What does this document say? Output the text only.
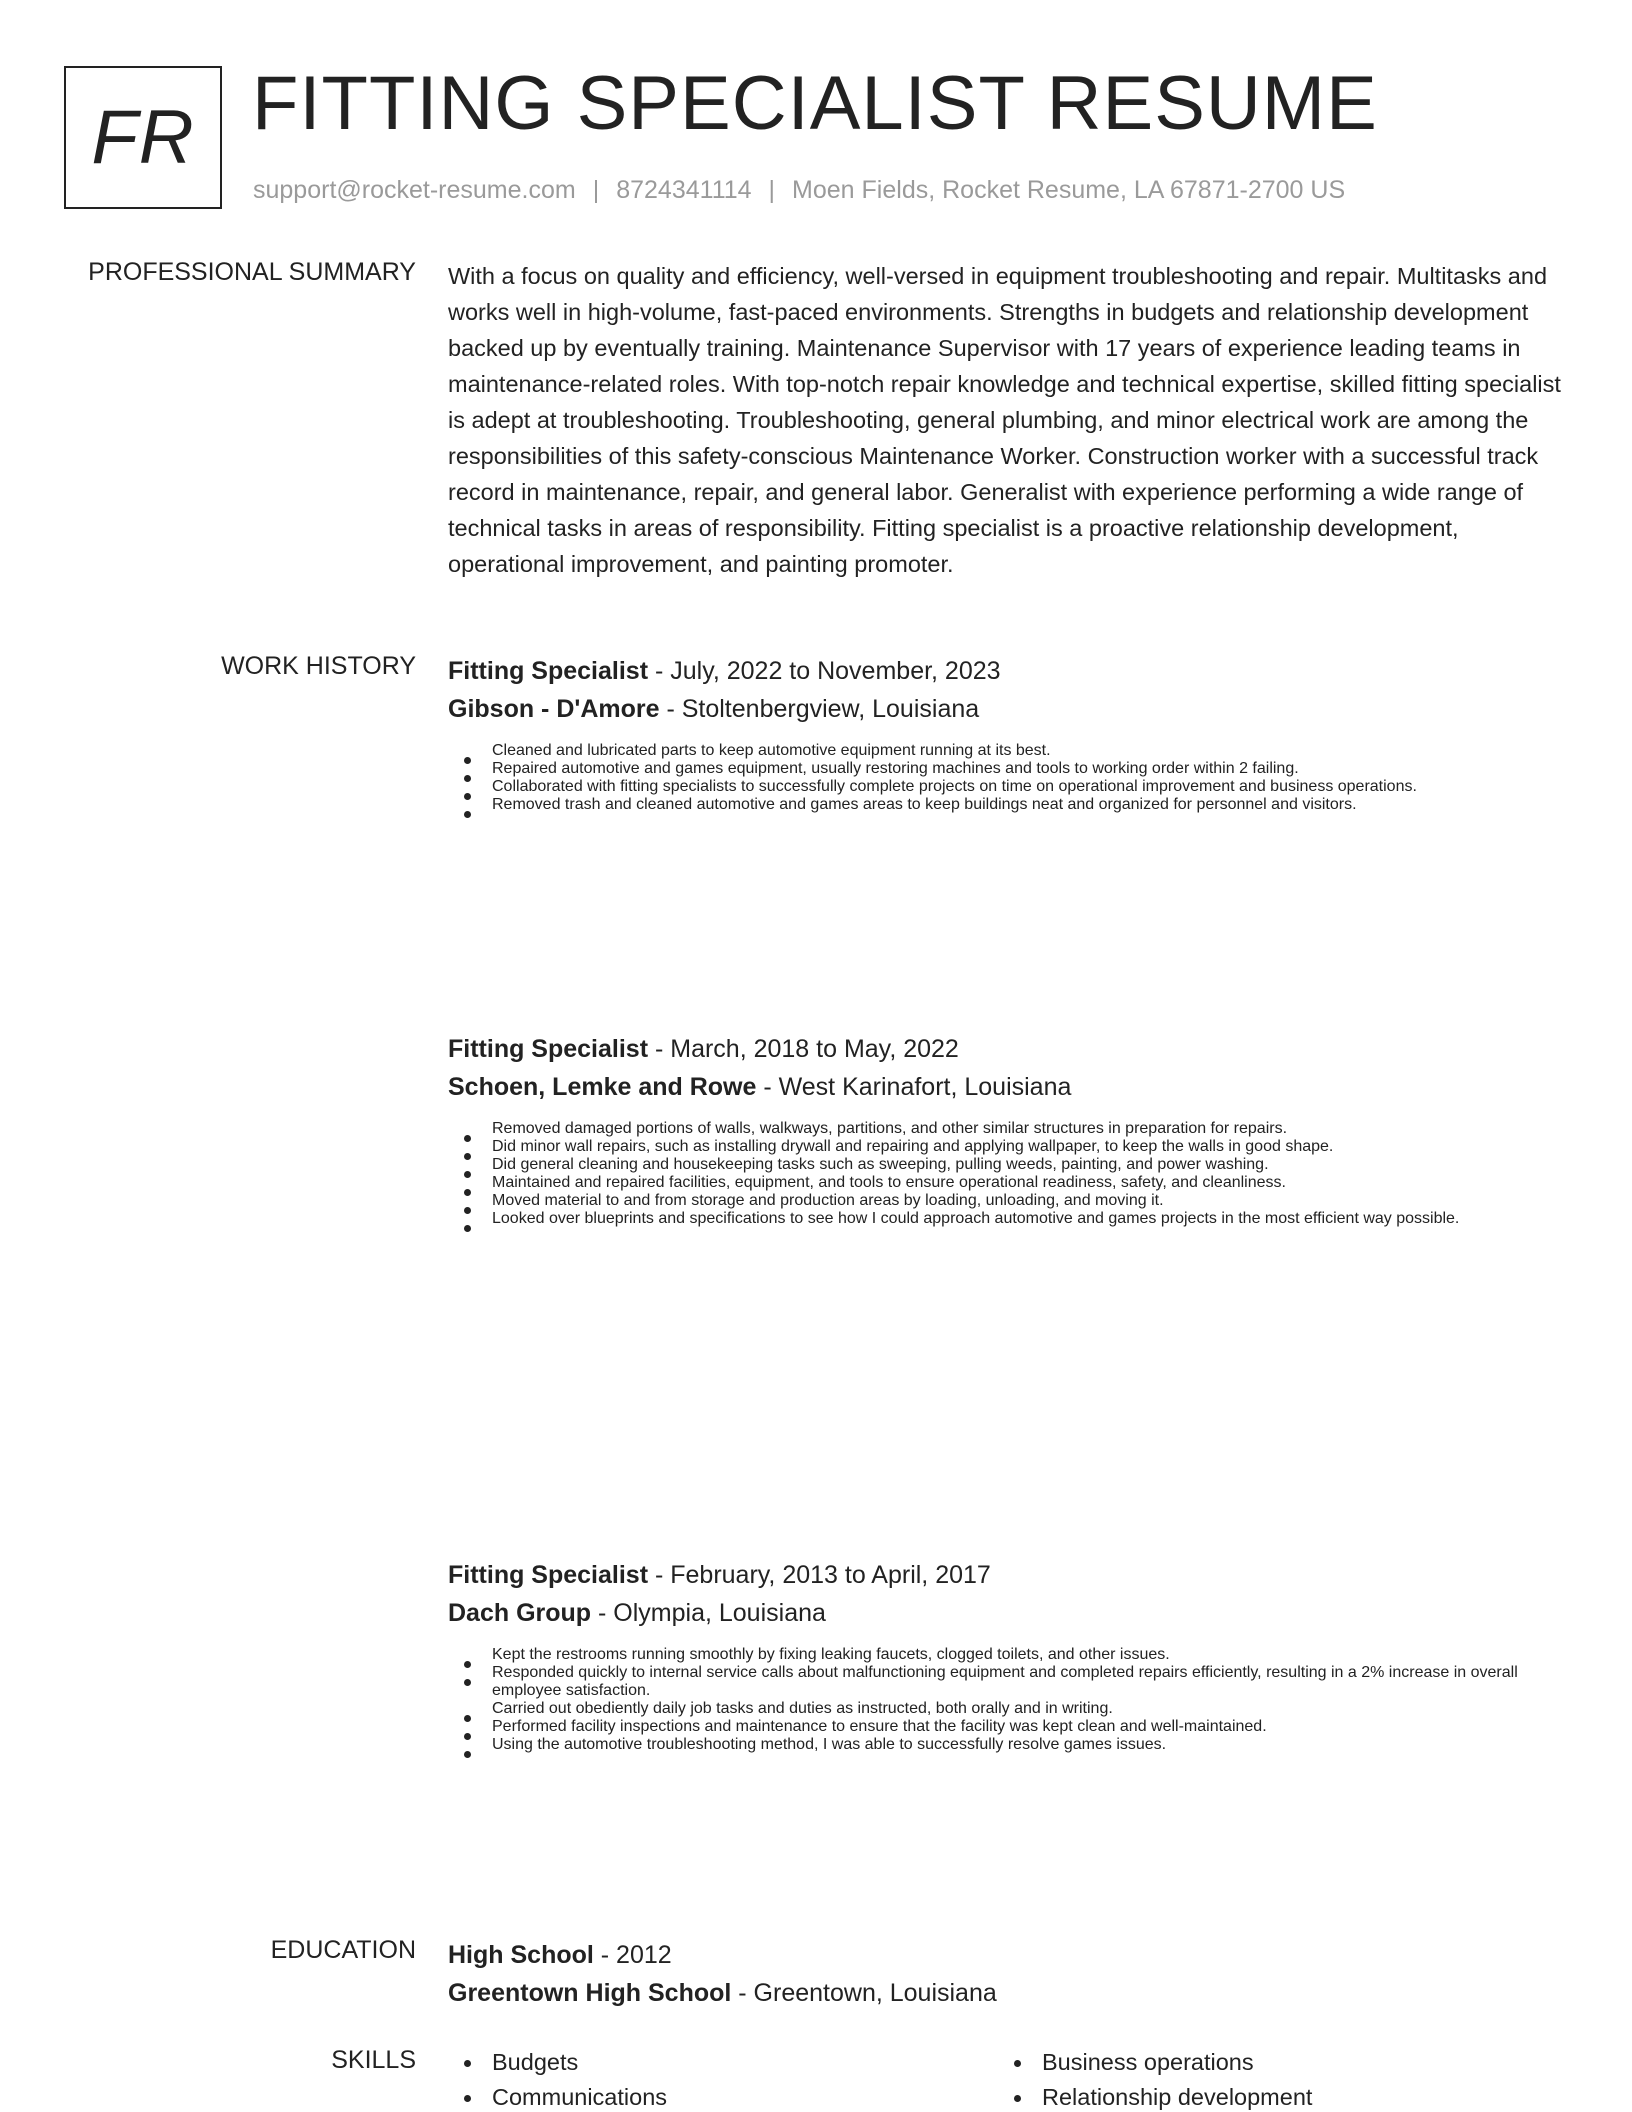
FR FITTING SPECIALIST RESUME
support@rocket-resume.com | 8724341114 | Moen Fields, Rocket Resume, LA 67871-2700 US
PROFESSIONAL SUMMARY With a focus on quality and efficiency, well-versed in equipment troubleshooting and repair. Multitasks and works well in high-volume, fast-paced environments. Strengths in budgets and relationship development backed up by eventually training. Maintenance Supervisor with 17 years of experience leading teams in maintenance-related roles. With top-notch repair knowledge and technical expertise, skilled fitting specialist is adept at troubleshooting. Troubleshooting, general plumbing, and minor electrical work are among the responsibilities of this safety-conscious Maintenance Worker. Construction worker with a successful track record in maintenance, repair, and general labor. Generalist with experience performing a wide range of technical tasks in areas of responsibility. Fitting specialist is a proactive relationship development, operational improvement, and painting promoter.
WORK HISTORY Fitting Specialist - July, 2022 to November, 2023
Gibson - D'Amore - Stoltenbergview, Louisiana
Cleaned and lubricated parts to keep automotive equipment running at its best.
Repaired automotive and games equipment, usually restoring machines and tools to working order within 2 failing.
Collaborated with fitting specialists to successfully complete projects on time on operational improvement and business operations.
Removed trash and cleaned automotive and games areas to keep buildings neat and organized for personnel and visitors.
Fitting Specialist - March, 2018 to May, 2022
Schoen, Lemke and Rowe - West Karinafort, Louisiana
Removed damaged portions of walls, walkways, partitions, and other similar structures in preparation for repairs.
Did minor wall repairs, such as installing drywall and repairing and applying wallpaper, to keep the walls in good shape.
Did general cleaning and housekeeping tasks such as sweeping, pulling weeds, painting, and power washing.
Maintained and repaired facilities, equipment, and tools to ensure operational readiness, safety, and cleanliness.
Moved material to and from storage and production areas by loading, unloading, and moving it.
Looked over blueprints and specifications to see how I could approach automotive and games projects in the most efficient way possible.
Fitting Specialist - February, 2013 to April, 2017
Dach Group - Olympia, Louisiana
Kept the restrooms running smoothly by fixing leaking faucets, clogged toilets, and other issues.
Responded quickly to internal service calls about malfunctioning equipment and completed repairs efficiently, resulting in a 2% increase in overall employee satisfaction.
Carried out obediently daily job tasks and duties as instructed, both orally and in writing.
Performed facility inspections and maintenance to ensure that the facility was kept clean and well-maintained.
Using the automotive troubleshooting method, I was able to successfully resolve games issues.
EDUCATION High School - 2012
Greentown High School - Greentown, Louisiana
SKILLS	Budgets
Communications
Business operations
Relationship development
